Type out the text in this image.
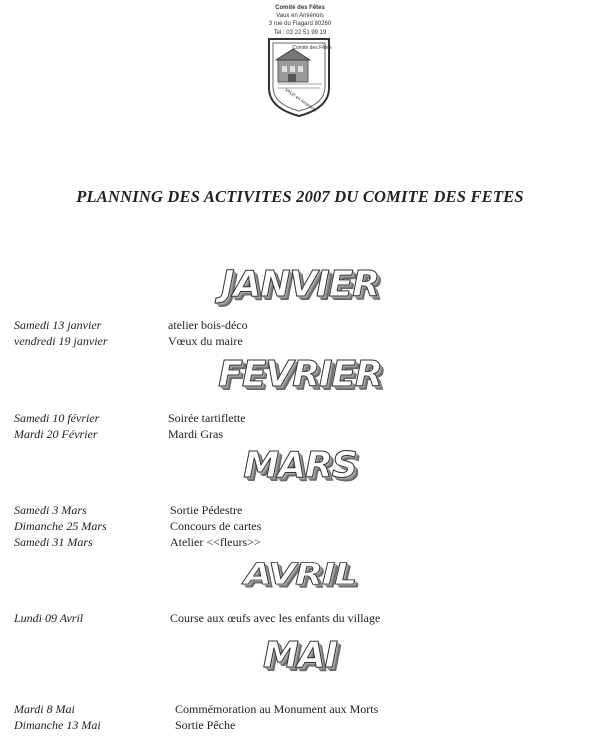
Comité des Fêtes
Vaux en Amiénois
3 rue du Flagard 80260
Tel : 03 22 51 99 19
Comité des Fêtes
VAUX en Amiénois
PLANNING DES ACTIVITES 2007 DU COMITE DES FETES
JANVIER
Samedi 13 janvier	atelier bois-déco
vendredi 19 janvier	Vœux du maire
FEVRIER
Samedi 10 février	Soirée tartiflette
Mardi 20 Février	Mardi Gras
MARS
Samedi 3 Mars	Sortie Pédestre
Dimanche 25 Mars	Concours de cartes
Samedi 31 Mars	Atelier <<fleurs>>
AVRIL
Lundi 09 Avril	Course aux œufs avec les enfants du village
MAI
Mardi 8 Mai	Commémoration au Monument aux Morts
Dimanche 13 Mai	Sortie Pêche
